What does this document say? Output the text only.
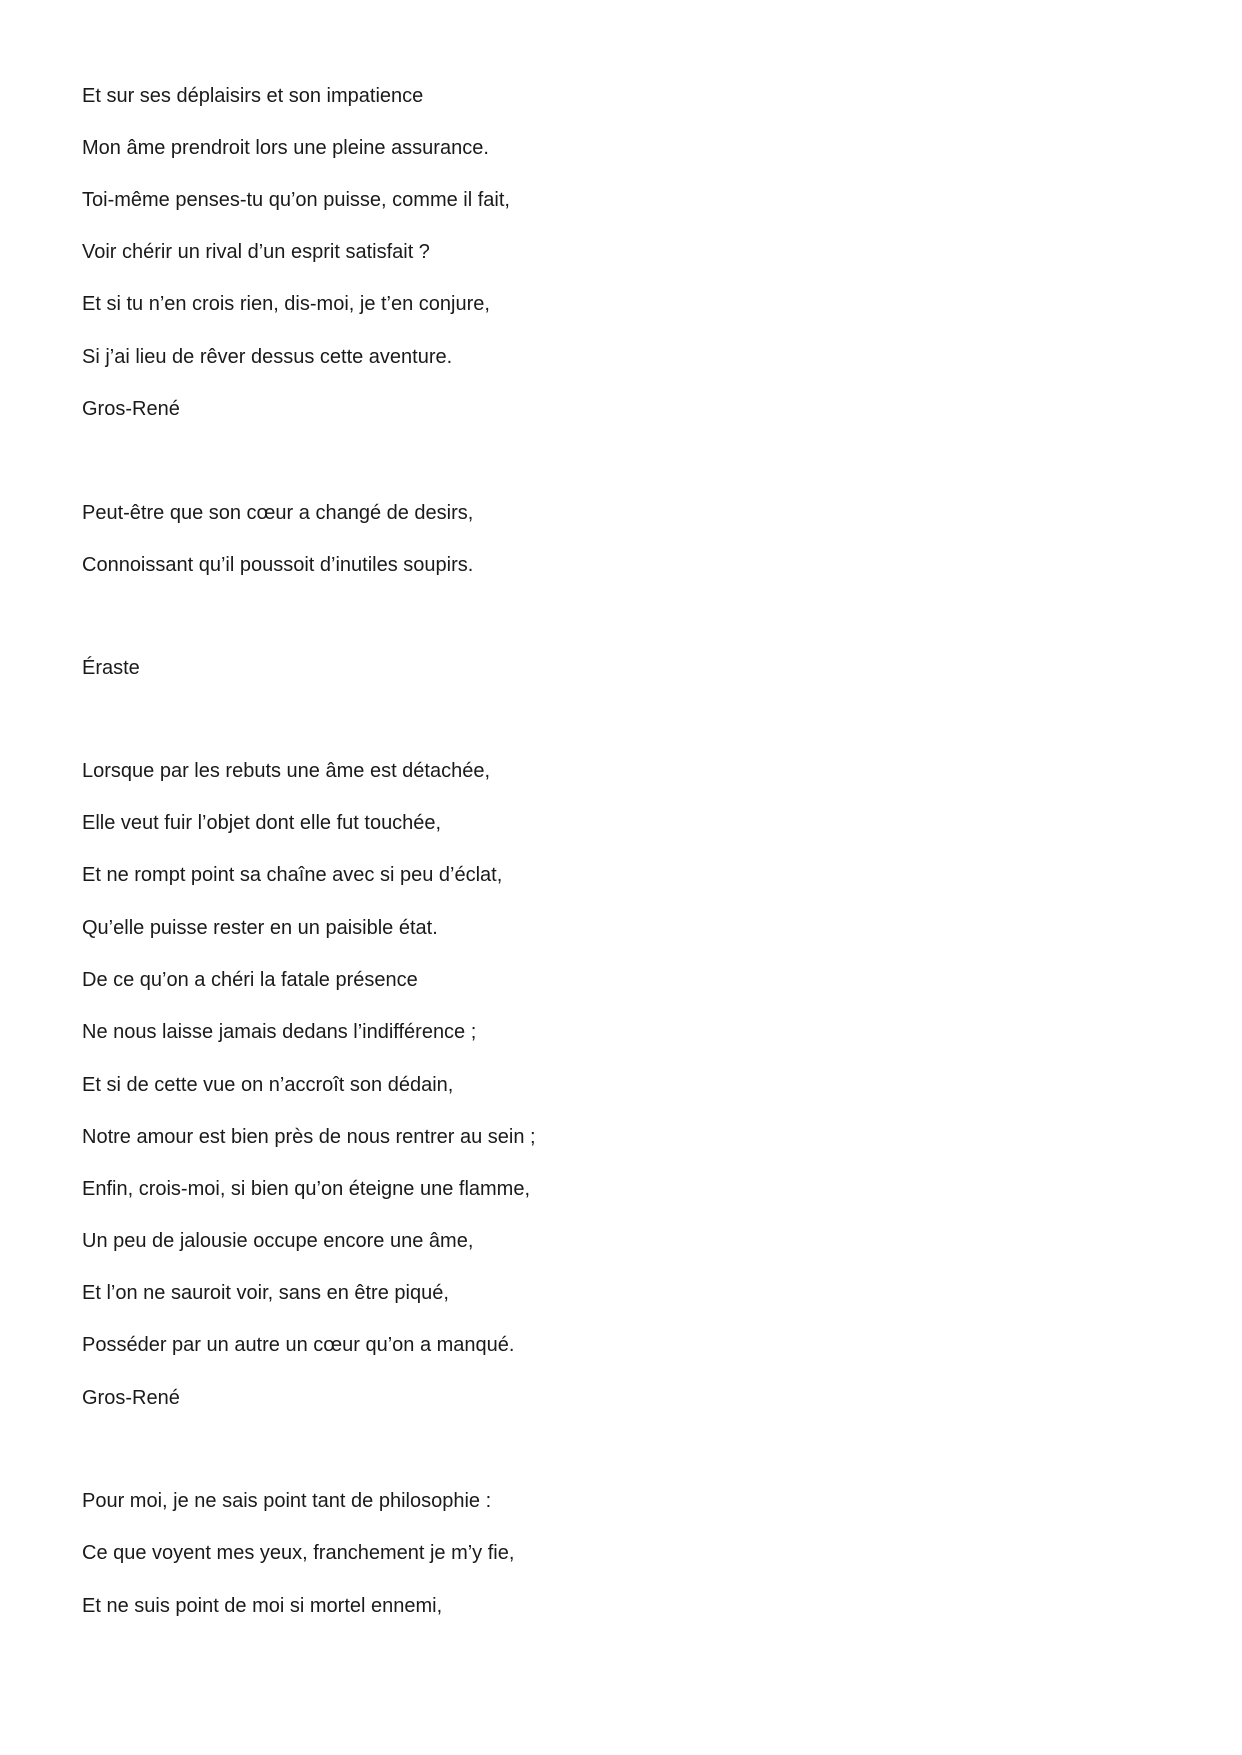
Et sur ses déplaisirs et son impatience
Mon âme prendroit lors une pleine assurance.
Toi-même penses-tu qu’on puisse, comme il fait,
Voir chérir un rival d’un esprit satisfait ?
Et si tu n’en crois rien, dis-moi, je t’en conjure,
Si j’ai lieu de rêver dessus cette aventure.
Gros-René
Peut-être que son cœur a changé de desirs,
Connoissant qu’il poussoit d’inutiles soupirs.
Éraste
Lorsque par les rebuts une âme est détachée,
Elle veut fuir l’objet dont elle fut touchée,
Et ne rompt point sa chaîne avec si peu d’éclat,
Qu’elle puisse rester en un paisible état.
De ce qu’on a chéri la fatale présence
Ne nous laisse jamais dedans l’indifférence ;
Et si de cette vue on n’accroît son dédain,
Notre amour est bien près de nous rentrer au sein ;
Enfin, crois-moi, si bien qu’on éteigne une flamme,
Un peu de jalousie occupe encore une âme,
Et l’on ne sauroit voir, sans en être piqué,
Posséder par un autre un cœur qu’on a manqué.
Gros-René
Pour moi, je ne sais point tant de philosophie :
Ce que voyent mes yeux, franchement je m’y fie,
Et ne suis point de moi si mortel ennemi,
